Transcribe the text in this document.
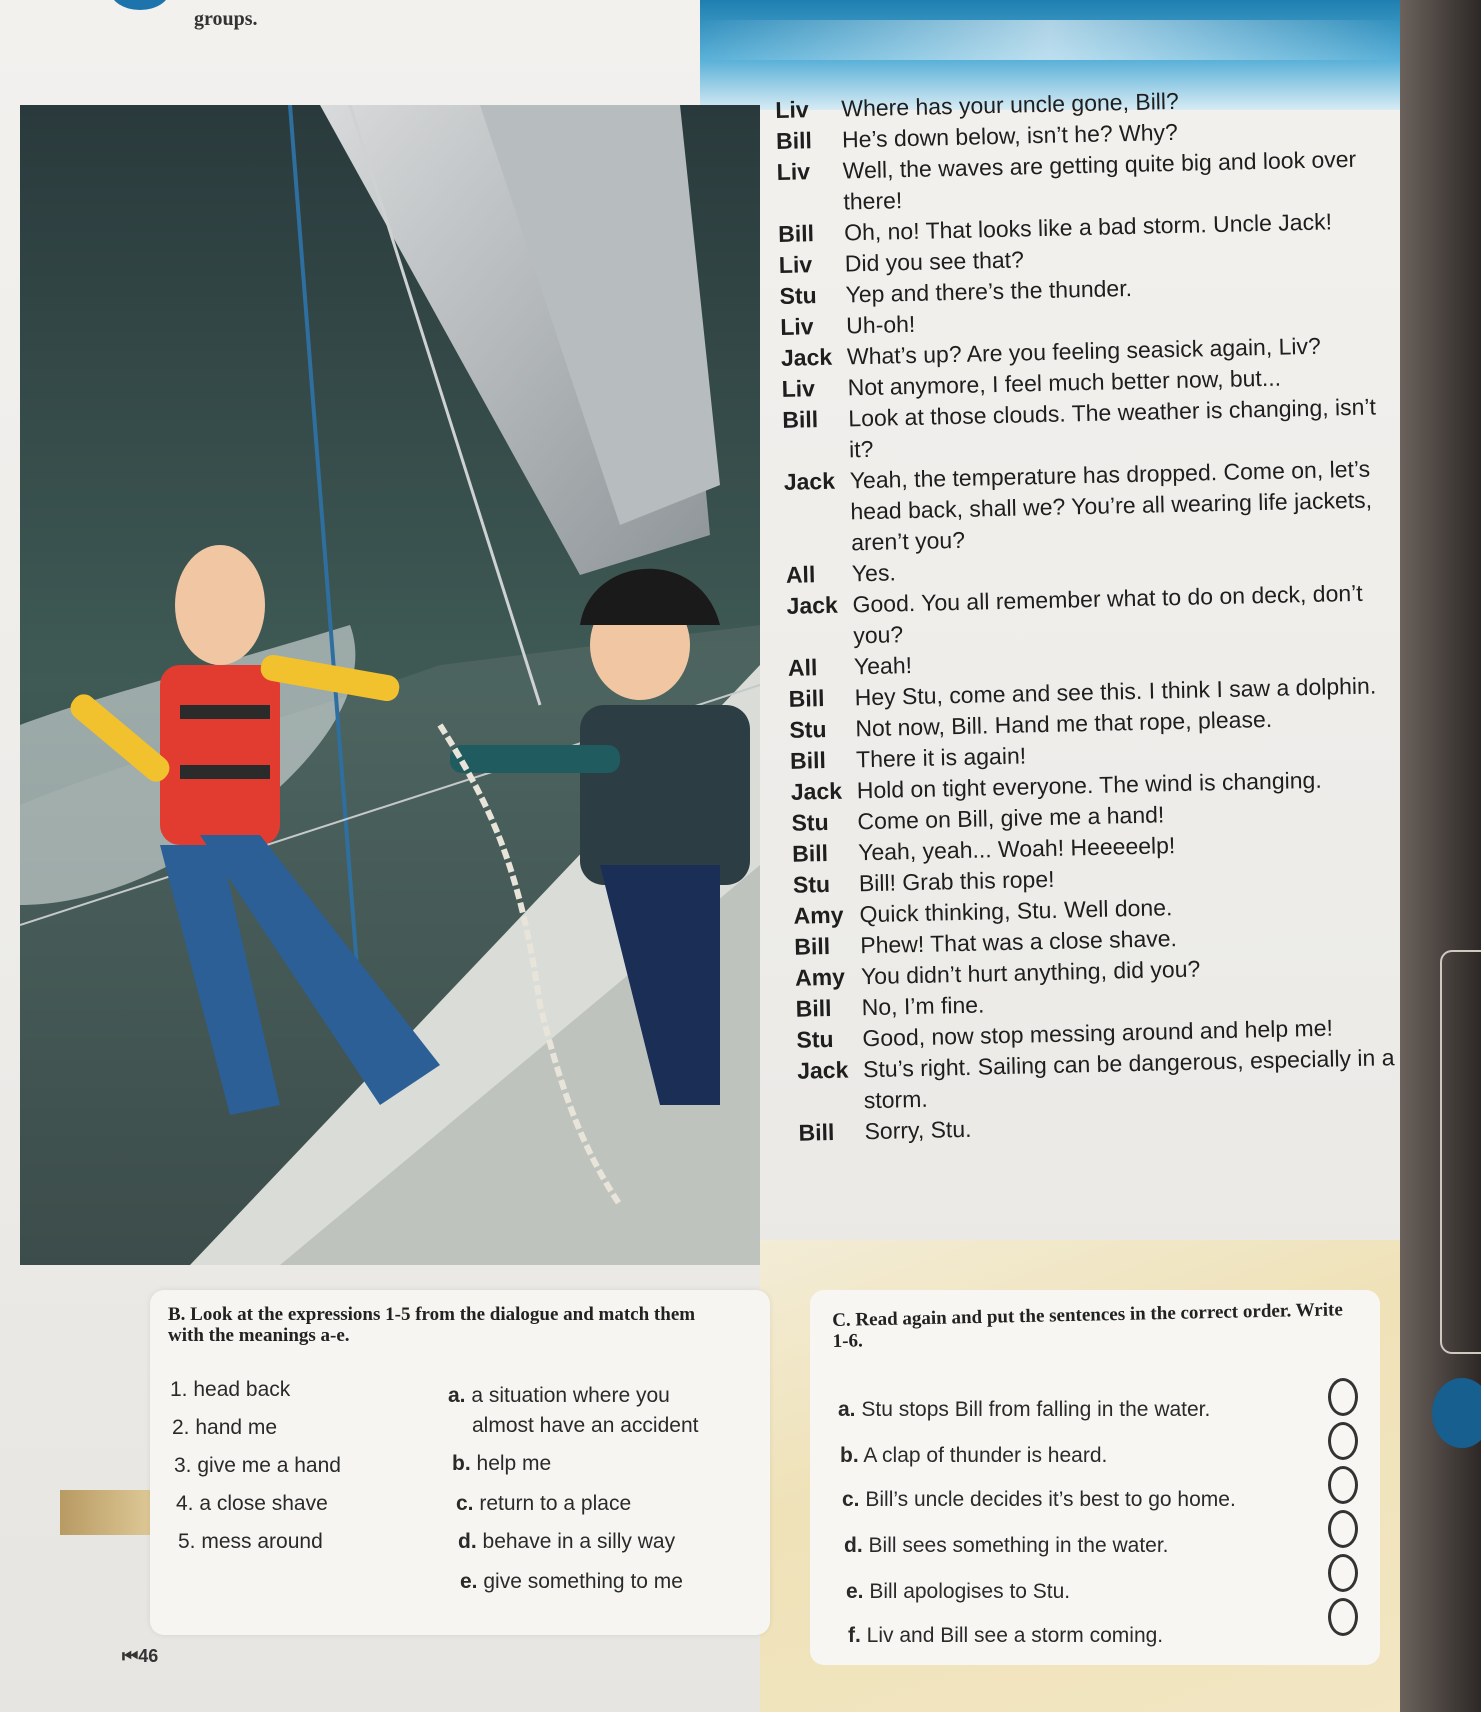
groups.
Liv	Where has your uncle gone, Bill?
Bill	He’s down below, isn’t he? Why?
Liv	Well, the waves are getting quite big and look over there!
Bill	Oh, no! That looks like a bad storm. Uncle Jack!
Liv	Did you see that?
Stu	Yep and there’s the thunder.
Liv	Uh-oh!
Jack What’s up? Are you feeling seasick again, Liv?
Liv	Not anymore, I feel much better now, but...
Bill	Look at those clouds. The weather is changing, isn’t it?
Jack Yeah, the temperature has dropped. Come on, let’s head back, shall we? You’re all wearing life jackets, aren’t you?
All	Yes.
Jack Good. You all remember what to do on deck, don’t you?
All	Yeah!
Bill	Hey Stu, come and see this. I think I saw a dolphin.
Stu	Not now, Bill. Hand me that rope, please.
Bill	There it is again!
Jack Hold on tight everyone. The wind is changing.
Stu	Come on Bill, give me a hand!
Bill	Yeah, yeah... Woah! Heeeeelp!
Stu	Bill! Grab this rope!
Amy Quick thinking, Stu. Well done.
Bill	Phew! That was a close shave.
Amy You didn’t hurt anything, did you?
Bill	No, I’m fine.
Stu	Good, now stop messing around and help me!
Jack Stu’s right. Sailing can be dangerous, especially in a storm.
Bill	Sorry, Stu.
B. Look at the expressions 1-5 from the dialogue and match them with the meanings a-e.
1. head back
2. hand me
3. give me a hand
4. a close shave
5. mess around
a. a situation where you
almost have an accident
b. help me
c. return to a place
d. behave in a silly way
e. give something to me
C. Read again and put the sentences in the correct order. Write 1-6.
a. Stu stops Bill from falling in the water.
b. A clap of thunder is heard.
c. Bill’s uncle decides it’s best to go home.
d. Bill sees something in the water.
e. Bill apologises to Stu.
f. Liv and Bill see a storm coming.
⏮46
